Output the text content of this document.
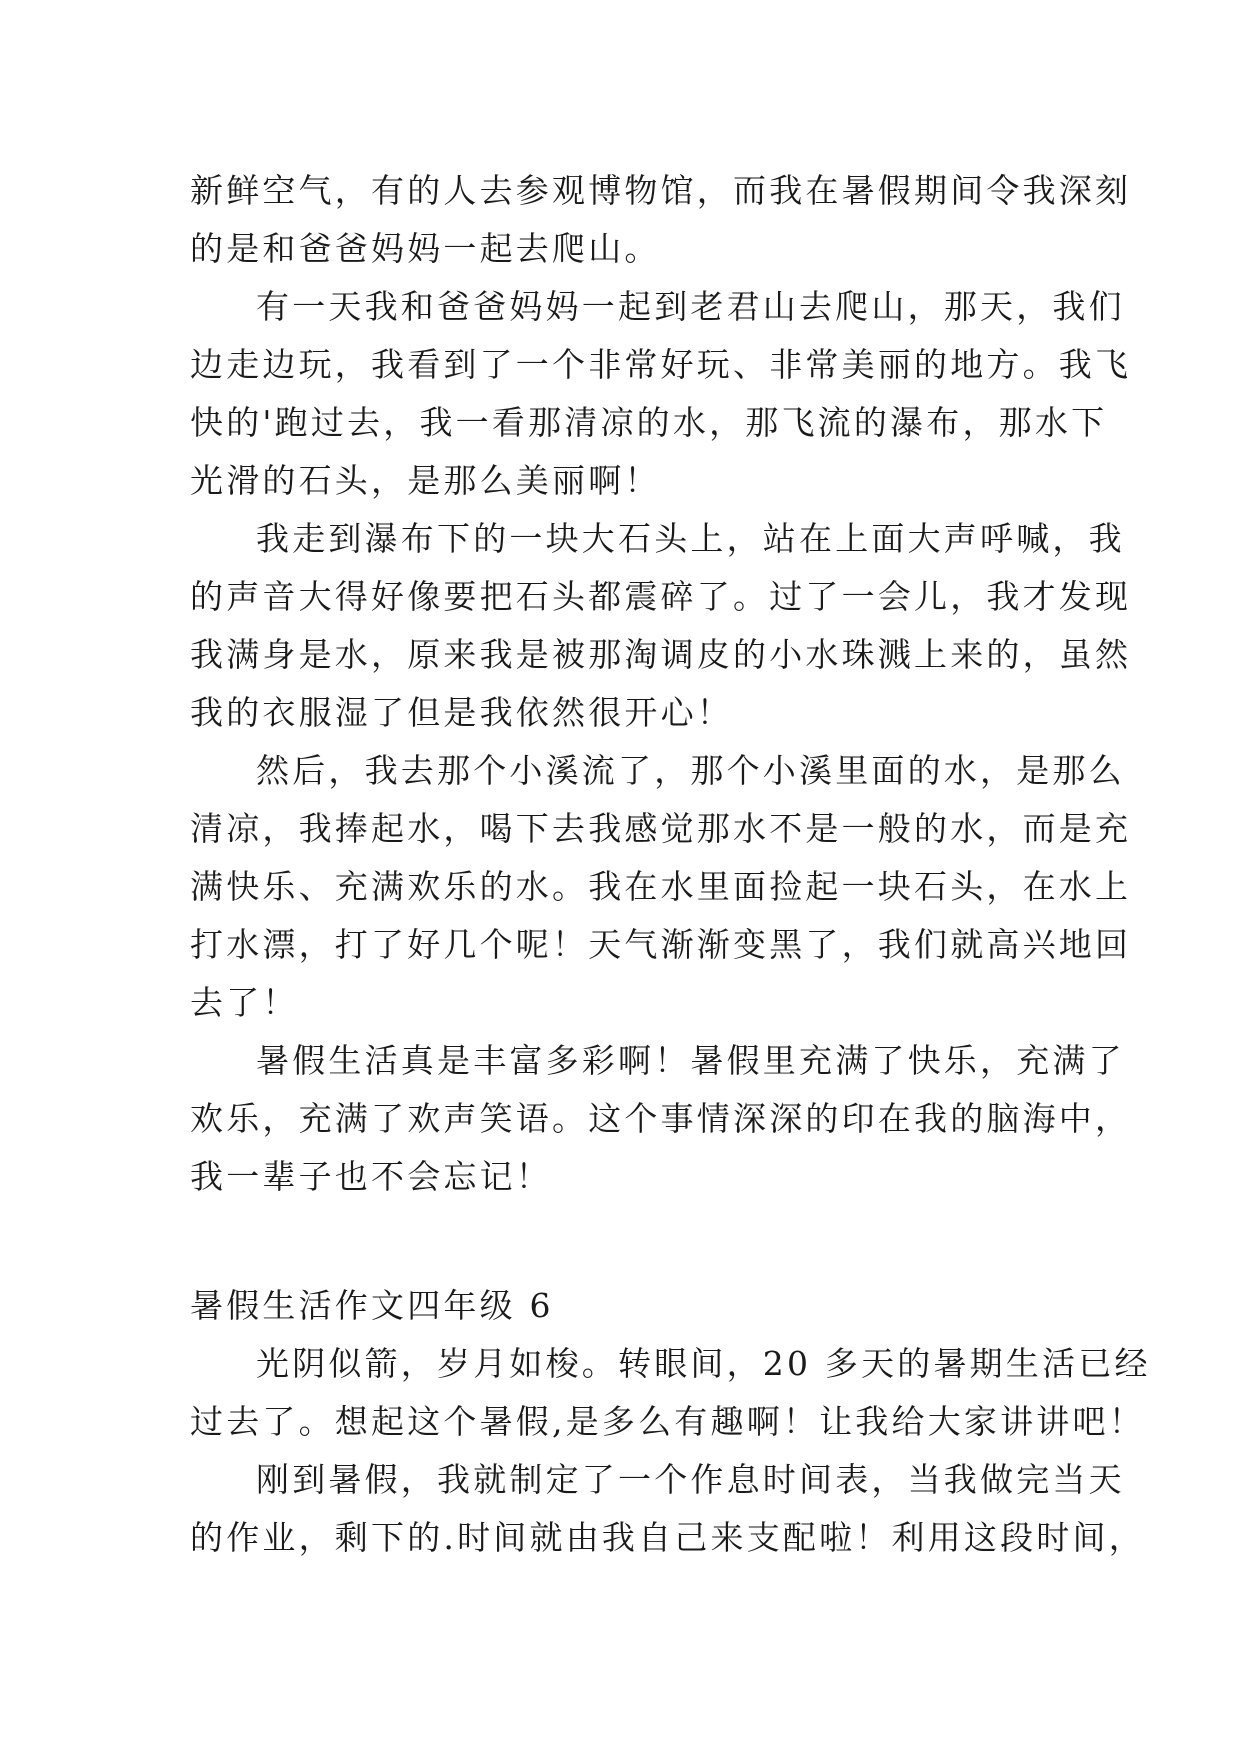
新鲜空气，有的人去参观博物馆，而我在暑假期间令我深刻
的是和爸爸妈妈一起去爬山。
有一天我和爸爸妈妈一起到老君山去爬山，那天，我们
边走边玩，我看到了一个非常好玩、非常美丽的地方。我飞
快的'跑过去，我一看那清凉的水，那飞流的瀑布，那水下
光滑的石头，是那么美丽啊！
我走到瀑布下的一块大石头上，站在上面大声呼喊，我
的声音大得好像要把石头都震碎了。过了一会儿，我才发现
我满身是水，原来我是被那淘调皮的小水珠溅上来的，虽然
我的衣服湿了但是我依然很开心！
然后，我去那个小溪流了，那个小溪里面的水，是那么
清凉，我捧起水，喝下去我感觉那水不是一般的水，而是充
满快乐、充满欢乐的水。我在水里面捡起一块石头，在水上
打水漂，打了好几个呢！天气渐渐变黑了，我们就高兴地回
去了！
暑假生活真是丰富多彩啊！暑假里充满了快乐，充满了
欢乐，充满了欢声笑语。这个事情深深的印在我的脑海中，
我一辈子也不会忘记！
暑假生活作文四年级 6
光阴似箭，岁月如梭。转眼间，20 多天的暑期生活已经
过去了。想起这个暑假,是多么有趣啊！让我给大家讲讲吧！
刚到暑假，我就制定了一个作息时间表，当我做完当天
的作业，剩下的.时间就由我自己来支配啦！利用这段时间，
